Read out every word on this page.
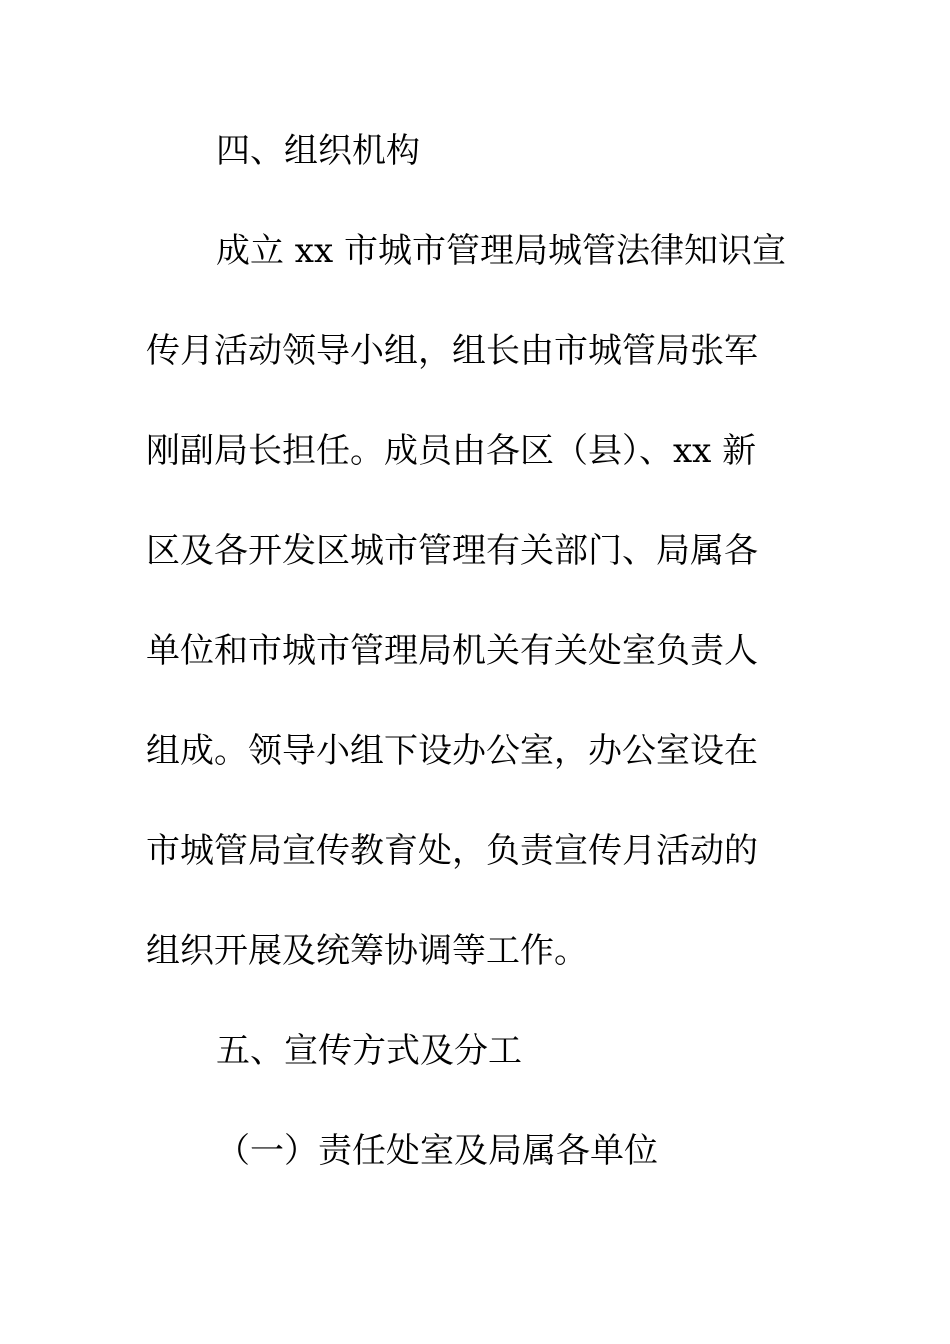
四、组织机构
成立 xx 市城市管理局城管法律知识宣
传月活动领导小组，组长由市城管局张军
刚副局长担任。成员由各区（县）、xx 新
区及各开发区城市管理有关部门、局属各
单位和市城市管理局机关有关处室负责人
组成。领导小组下设办公室，办公室设在
市城管局宣传教育处，负责宣传月活动的
组织开展及统筹协调等工作。
五、宣传方式及分工
（一）责任处室及局属各单位
